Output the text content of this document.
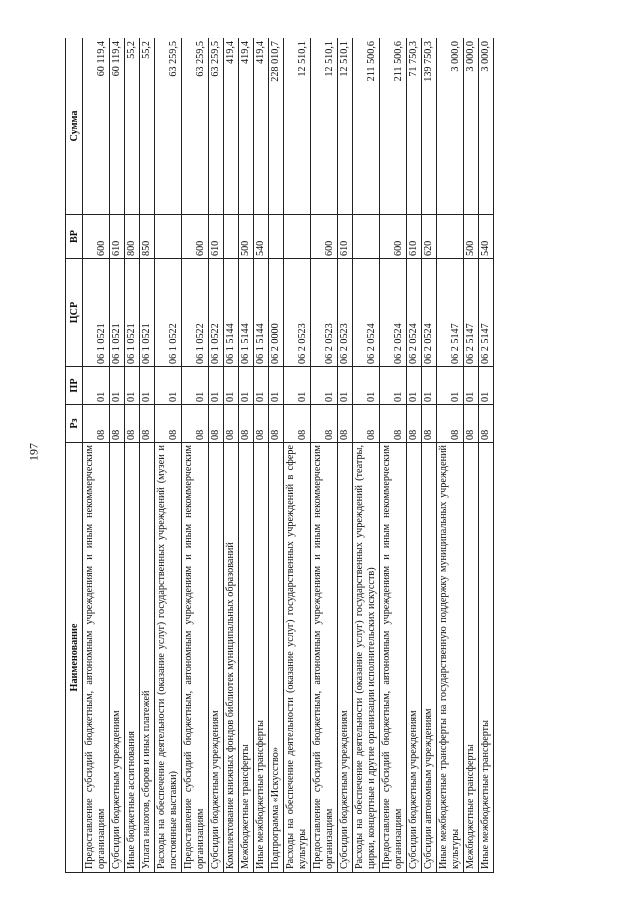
197
Наименование	Рз	ПР	ЦСР	ВР	Сумма
Предоставление субсидий бюджетным, автономным учреждениям и иным некоммерческим организациям	08	01	06 1 0521	600	60 119,4
Субсидии бюджетным учреждениям	08	01	06 1 0521	610	60 119,4
Иные бюджетные ассигнования	08	01	06 1 0521	800	55,2
Уплата налогов, сборов и иных платежей	08	01	06 1 0521	850	55,2
Расходы на обеспечение деятельности (оказание услуг) государственных учреждений (музеи и постоянные выставки)	08	01	06 1 0522		63 259,5
Предоставление субсидий бюджетным, автономным учреждениям и иным некоммерческим организациям	08	01	06 1 0522	600	63 259,5
Субсидии бюджетным учреждениям	08	01	06 1 0522	610	63 259,5
Комплектование книжных фондов библиотек муниципальных образований	08	01	06 1 5144		419,4
Межбюджетные трансферты	08	01	06 1 5144	500	419,4
Иные межбюджетные трансферты	08	01	06 1 5144	540	419,4
Подпрограмма «Искусство»	08	01	06 2 0000		228 010,7
Расходы на обеспечение деятельности (оказание услуг) государственных учреждений в сфере культуры	08	01	06 2 0523		12 510,1
Предоставление субсидий бюджетным, автономным учреждениям и иным некоммерческим организациям	08	01	06 2 0523	600	12 510,1
Субсидии бюджетным учреждениям	08	01	06 2 0523	610	12 510,1
Расходы на обеспечение деятельности (оказание услуг) государственных учреждений (театры, цирки, концертные и другие организации исполнительских искусств)	08	01	06 2 0524		211 500,6
Предоставление субсидий бюджетным, автономным учреждениям и иным некоммерческим организациям	08	01	06 2 0524	600	211 500,6
Субсидии бюджетным учреждениям	08	01	06 2 0524	610	71 750,3
Субсидии автономным учреждениям	08	01	06 2 0524	620	139 750,3
Иные межбюджетные трансферты на государственную поддержку муниципальных учреждений культуры	08	01	06 2 5147		3 000,0
Межбюджетные трансферты	08	01	06 2 5147	500	3 000,0
Иные межбюджетные трансферты	08	01	06 2 5147	540	3 000,0
